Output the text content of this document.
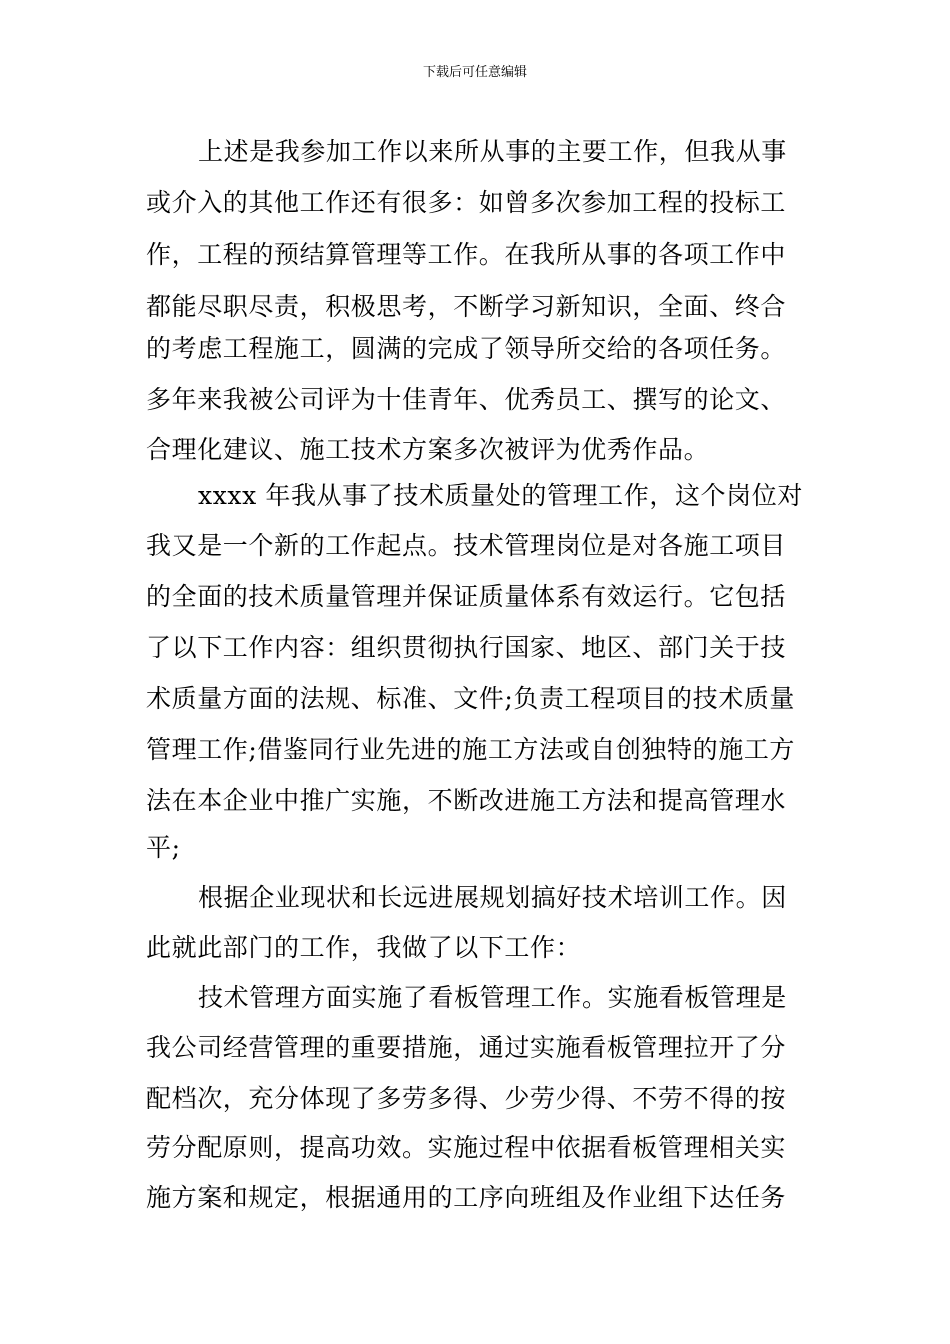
下载后可任意编辑
上述是我参加工作以来所从事的主要工作，但我从事
或介入的其他工作还有很多：如曾多次参加工程的投标工
作，工程的预结算管理等工作。在我所从事的各项工作中
都能尽职尽责，积极思考，不断学习新知识，全面、终合
的考虑工程施工，圆满的完成了领导所交给的各项任务。
多年来我被公司评为十佳青年、优秀员工、撰写的论文、
合理化建议、施工技术方案多次被评为优秀作品。
xxxx 年我从事了技术质量处的管理工作，这个岗位对
我又是一个新的工作起点。技术管理岗位是对各施工项目
的全面的技术质量管理并保证质量体系有效运行。它包括
了以下工作内容：组织贯彻执行国家、地区、部门关于技
术质量方面的法规、标准、文件;负责工程项目的技术质量
管理工作;借鉴同行业先进的施工方法或自创独特的施工方
法在本企业中推广实施，不断改进施工方法和提高管理水
平;
根据企业现状和长远进展规划搞好技术培训工作。因
此就此部门的工作，我做了以下工作：
技术管理方面实施了看板管理工作。实施看板管理是
我公司经营管理的重要措施，通过实施看板管理拉开了分
配档次，充分体现了多劳多得、少劳少得、不劳不得的按
劳分配原则，提高功效。实施过程中依据看板管理相关实
施方案和规定，根据通用的工序向班组及作业组下达任务
